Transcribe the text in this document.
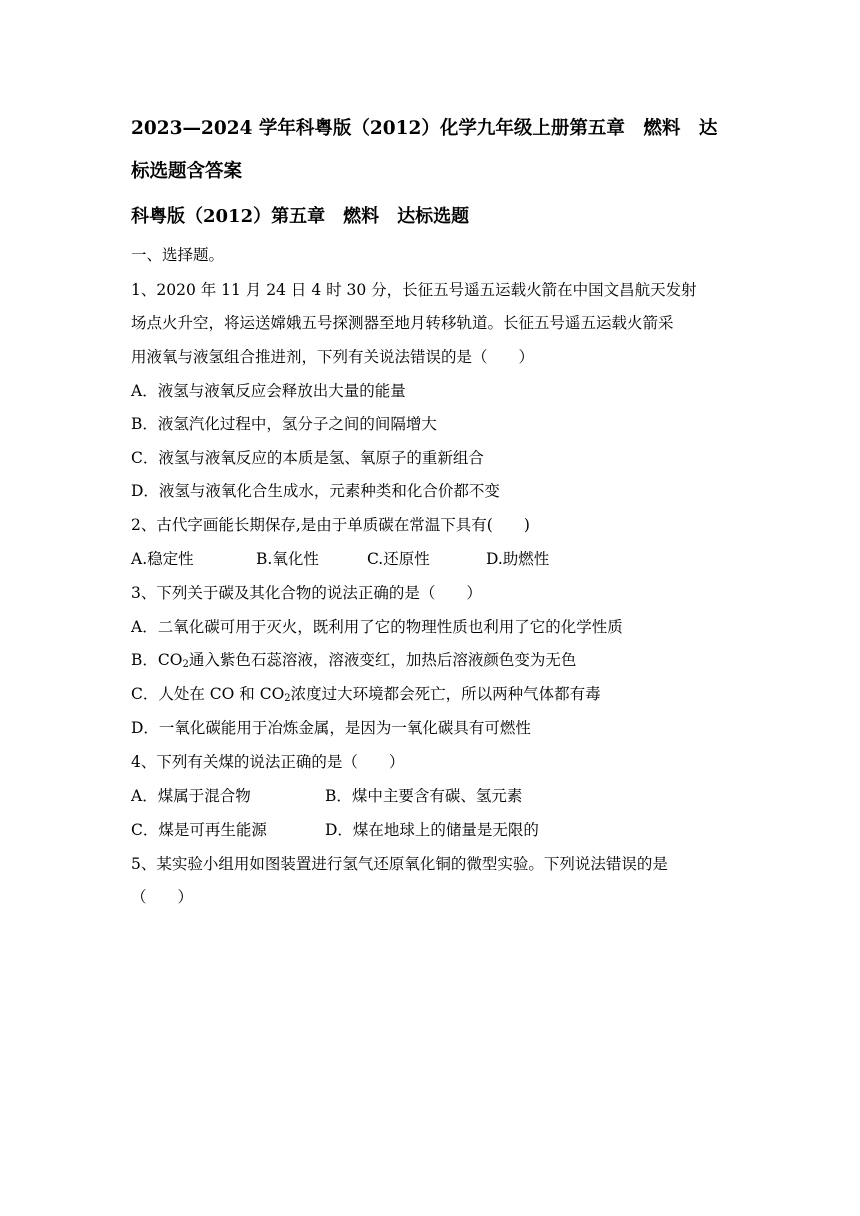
2023—2024 学年科粤版（2012）化学九年级上册第五章　燃料　达
标选题含答案
科粤版（2012）第五章　燃料　达标选题
一、选择题。
1、2020 年 11 月 24 日 4 时 30 分，长征五号遥五运载火箭在中国文昌航天发射
场点火升空，将运送嫦娥五号探测器至地月转移轨道。长征五号遥五运载火箭采
用液氧与液氢组合推进剂，下列有关说法错误的是（　　）
A．液氢与液氧反应会释放出大量的能量
B．液氢汽化过程中，氢分子之间的间隔增大
C．液氢与液氧反应的本质是氢、氧原子的重新组合
D．液氢与液氧化合生成水，元素种类和化合价都不变
2、古代字画能长期保存,是由于单质碳在常温下具有(　　)
A.稳定性	B.氧化性	C.还原性	D.助燃性
3、下列关于碳及其化合物的说法正确的是（　　）
A．二氧化碳可用于灭火，既利用了它的物理性质也利用了它的化学性质
B．$CO_2$通入紫色石蕊溶液，溶液变红，加热后溶液颜色变为无色
C．人处在 CO 和 $CO_2$浓度过大环境都会死亡，所以两种气体都有毒
D．一氧化碳能用于冶炼金属，是因为一氧化碳具有可燃性
4、下列有关煤的说法正确的是（　　）
A．煤属于混合物	B．煤中主要含有碳、氢元素
C．煤是可再生能源	D．煤在地球上的储量是无限的
5、某实验小组用如图装置进行氢气还原氧化铜的微型实验。下列说法错误的是
（　　）
